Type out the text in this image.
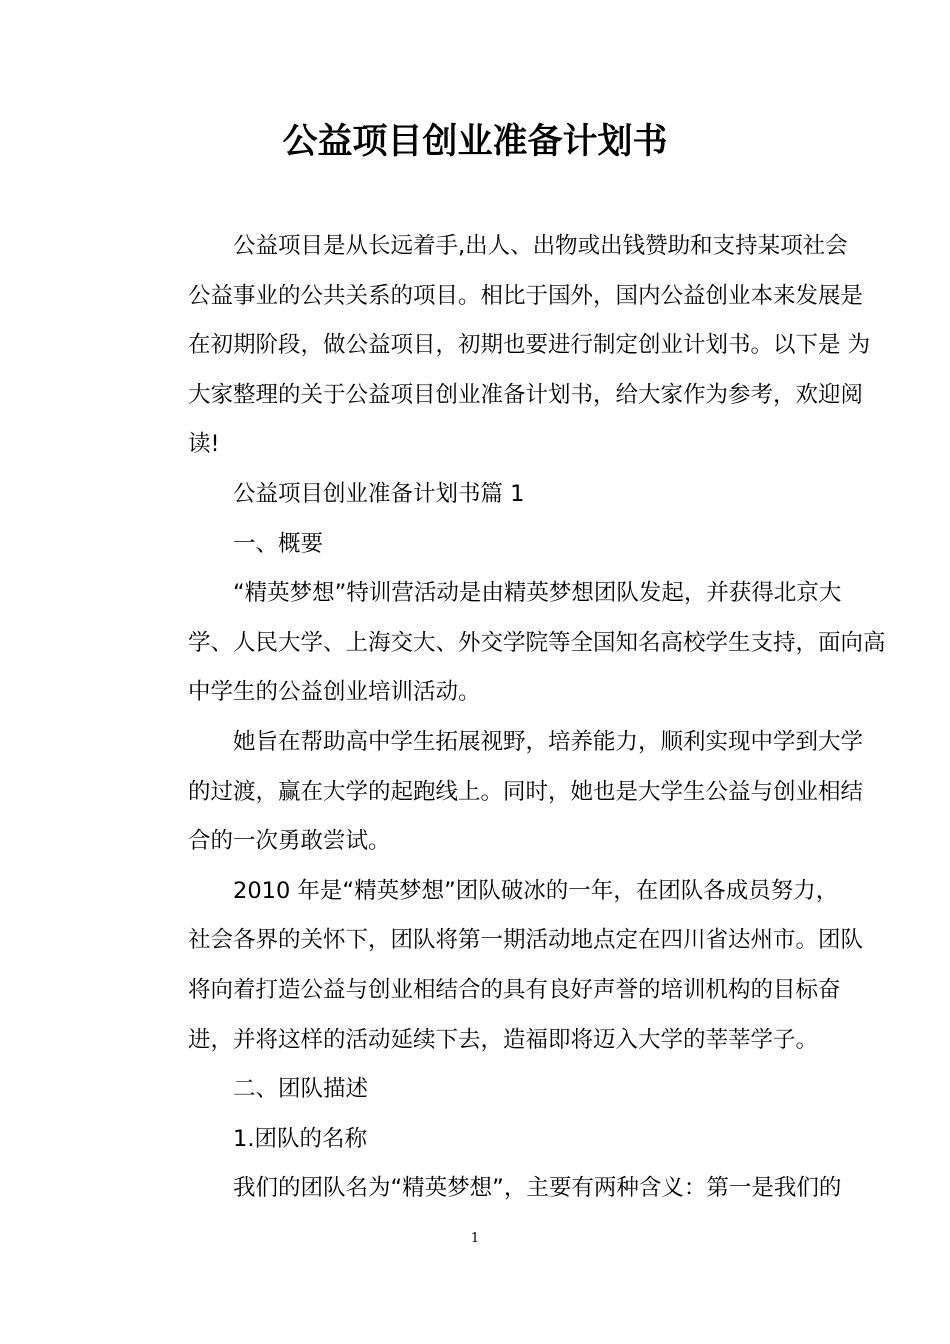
公益项目创业准备计划书
公益项目是从长远着手,出人、出物或出钱赞助和支持某项社会
公益事业的公共关系的项目。相比于国外，国内公益创业本来发展是
在初期阶段，做公益项目，初期也要进行制定创业计划书。以下是 为
大家整理的关于公益项目创业准备计划书，给大家作为参考，欢迎阅
读!
公益项目创业准备计划书篇 1
一、概要
“精英梦想”特训营活动是由精英梦想团队发起，并获得北京大
学、人民大学、上海交大、外交学院等全国知名高校学生支持，面向高
中学生的公益创业培训活动。
她旨在帮助高中学生拓展视野，培养能力，顺利实现中学到大学
的过渡，赢在大学的起跑线上。同时，她也是大学生公益与创业相结
合的一次勇敢尝试。
2010 年是“精英梦想”团队破冰的一年，在团队各成员努力，
社会各界的关怀下，团队将第一期活动地点定在四川省达州市。团队
将向着打造公益与创业相结合的具有良好声誉的培训机构的目标奋
进，并将这样的活动延续下去，造福即将迈入大学的莘莘学子。
二、团队描述
1.团队的名称
我们的团队名为“精英梦想”，主要有两种含义：第一是我们的
1
